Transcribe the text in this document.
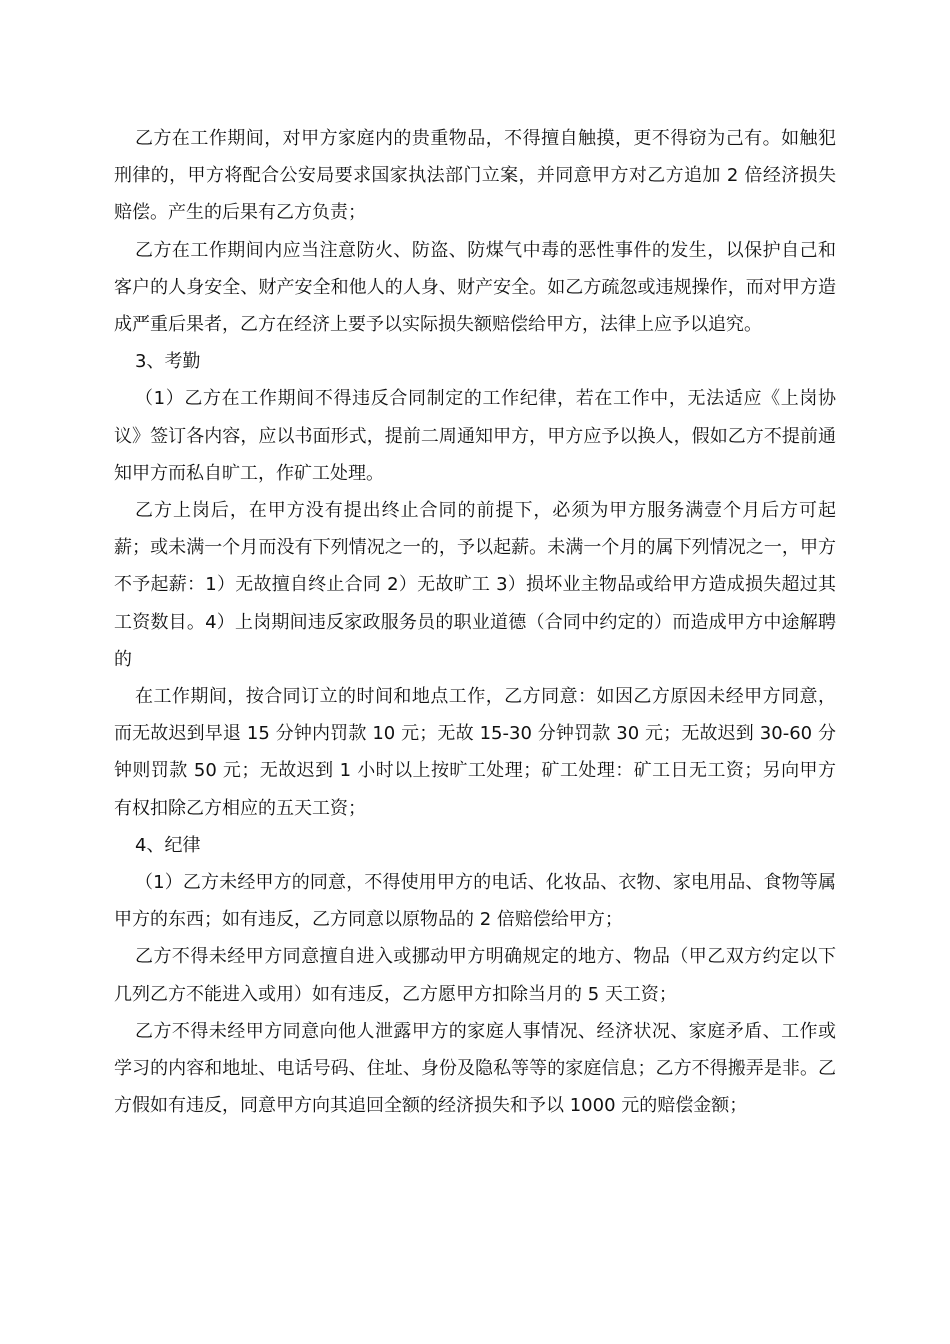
乙方在工作期间，对甲方家庭内的贵重物品，不得擅自触摸，更不得窃为己有。如触犯刑律的，甲方将配合公安局要求国家执法部门立案，并同意甲方对乙方追加 2 倍经济损失赔偿。产生的后果有乙方负责；

乙方在工作期间内应当注意防火、防盗、防煤气中毒的恶性事件的发生，以保护自己和客户的人身安全、财产安全和他人的人身、财产安全。如乙方疏忽或违规操作，而对甲方造成严重后果者，乙方在经济上要予以实际损失额赔偿给甲方，法律上应予以追究。

3、考勤

（1）乙方在工作期间不得违反合同制定的工作纪律，若在工作中，无法适应《上岗协议》签订各内容，应以书面形式，提前二周通知甲方，甲方应予以换人，假如乙方不提前通知甲方而私自旷工，作矿工处理。

乙方上岗后，在甲方没有提出终止合同的前提下，必须为甲方服务满壹个月后方可起薪；或未满一个月而没有下列情况之一的，予以起薪。未满一个月的属下列情况之一，甲方不予起薪：1）无故擅自终止合同 2）无故旷工 3）损坏业主物品或给甲方造成损失超过其工资数目。4）上岗期间违反家政服务员的职业道德（合同中约定的）而造成甲方中途解聘的

在工作期间，按合同订立的时间和地点工作，乙方同意：如因乙方原因未经甲方同意，而无故迟到早退 15 分钟内罚款 10 元；无故 15-30 分钟罚款 30 元；无故迟到 30-60 分钟则罚款 50 元；无故迟到 1 小时以上按旷工处理；矿工处理：矿工日无工资；另向甲方有权扣除乙方相应的五天工资；

4、纪律

（1）乙方未经甲方的同意，不得使用甲方的电话、化妆品、衣物、家电用品、食物等属甲方的东西；如有违反，乙方同意以原物品的 2 倍赔偿给甲方；

乙方不得未经甲方同意擅自进入或挪动甲方明确规定的地方、物品（甲乙双方约定以下几列乙方不能进入或用）如有违反，乙方愿甲方扣除当月的 5 天工资；

乙方不得未经甲方同意向他人泄露甲方的家庭人事情况、经济状况、家庭矛盾、工作或学习的内容和地址、电话号码、住址、身份及隐私等等的家庭信息；乙方不得搬弄是非。乙方假如有违反，同意甲方向其追回全额的经济损失和予以 1000 元的赔偿金额；
